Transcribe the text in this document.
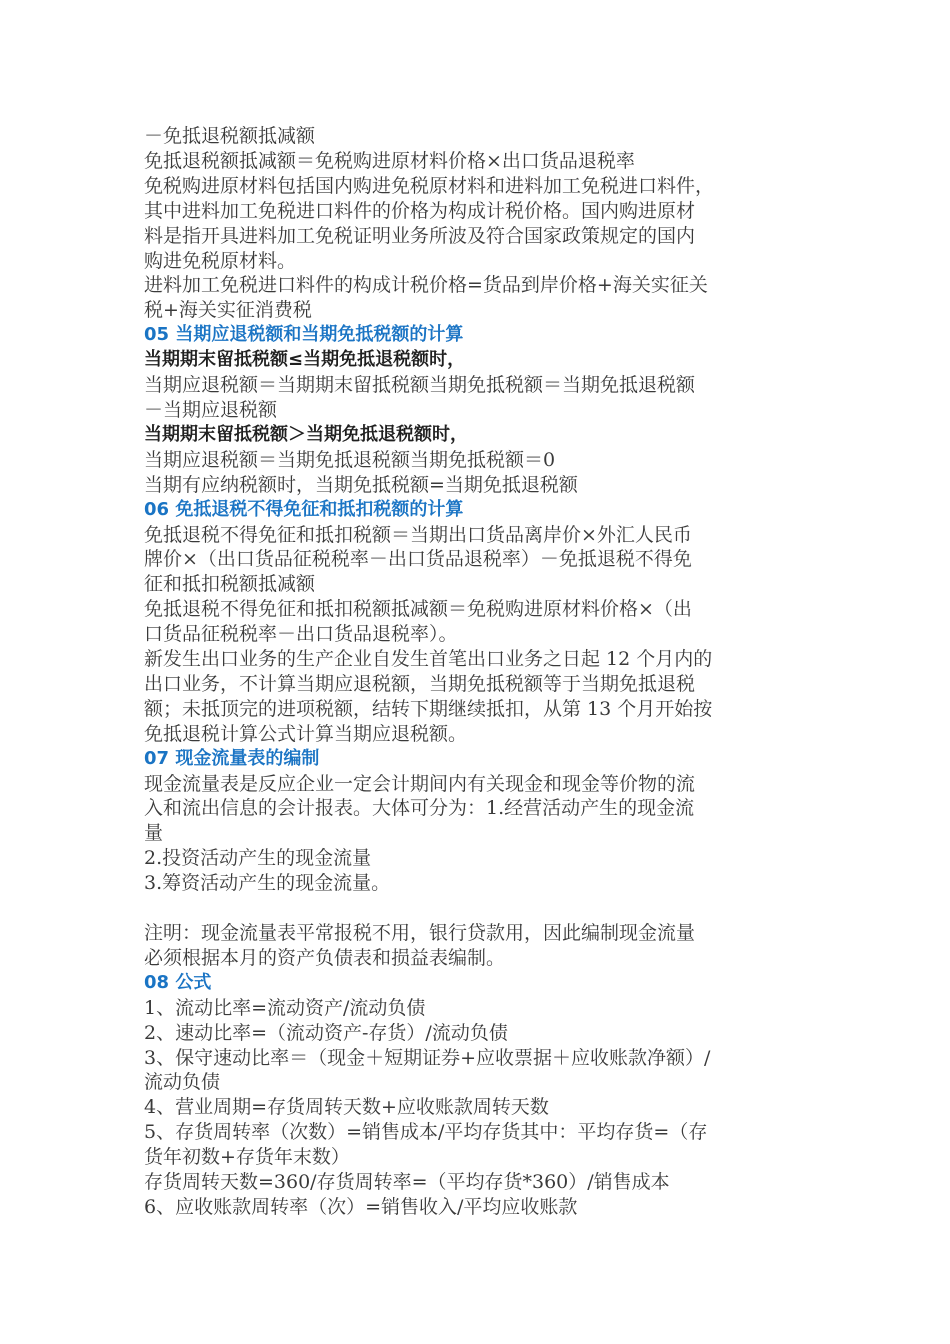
－免抵退税额抵减额
免抵退税额抵减额＝免税购进原材料价格×出口货品退税率
免税购进原材料包括国内购进免税原材料和进料加工免税进口料件，
其中进料加工免税进口料件的价格为构成计税价格。国内购进原材
料是指开具进料加工免税证明业务所波及符合国家政策规定的国内
购进免税原材料。
进料加工免税进口料件的构成计税价格=货品到岸价格+海关实征关
税+海关实征消费税
05 当期应退税额和当期免抵税额的计算
当期期末留抵税额≤当期免抵退税额时，
当期应退税额＝当期期末留抵税额当期免抵税额＝当期免抵退税额
－当期应退税额
当期期末留抵税额＞当期免抵退税额时，
当期应退税额＝当期免抵退税额当期免抵税额＝0
当期有应纳税额时，当期免抵税额=当期免抵退税额
06 免抵退税不得免征和抵扣税额的计算
免抵退税不得免征和抵扣税额＝当期出口货品离岸价×外汇人民币
牌价×（出口货品征税税率－出口货品退税率）－免抵退税不得免
征和抵扣税额抵减额
免抵退税不得免征和抵扣税额抵减额＝免税购进原材料价格×（出
口货品征税税率－出口货品退税率）。
新发生出口业务的生产企业自发生首笔出口业务之日起 12 个月内的
出口业务，不计算当期应退税额，当期免抵税额等于当期免抵退税
额；未抵顶完的进项税额，结转下期继续抵扣，从第 13 个月开始按
免抵退税计算公式计算当期应退税额。
07 现金流量表的编制
现金流量表是反应企业一定会计期间内有关现金和现金等价物的流
入和流出信息的会计报表。大体可分为：1.经营活动产生的现金流
量
2.投资活动产生的现金流量
3.筹资活动产生的现金流量。
注明：现金流量表平常报税不用，银行贷款用，因此编制现金流量
必须根据本月的资产负债表和损益表编制。
08 公式
1、流动比率=流动资产/流动负债
2、速动比率=（流动资产-存货）/流动负债
3、保守速动比率＝（现金＋短期证券+应收票据＋应收账款净额）/
流动负债
4、营业周期=存货周转天数+应收账款周转天数
5、存货周转率（次数）=销售成本/平均存货其中：平均存货=（存
货年初数+存货年末数）
存货周转天数=360/存货周转率=（平均存货*360）/销售成本
6、应收账款周转率（次）=销售收入/平均应收账款
